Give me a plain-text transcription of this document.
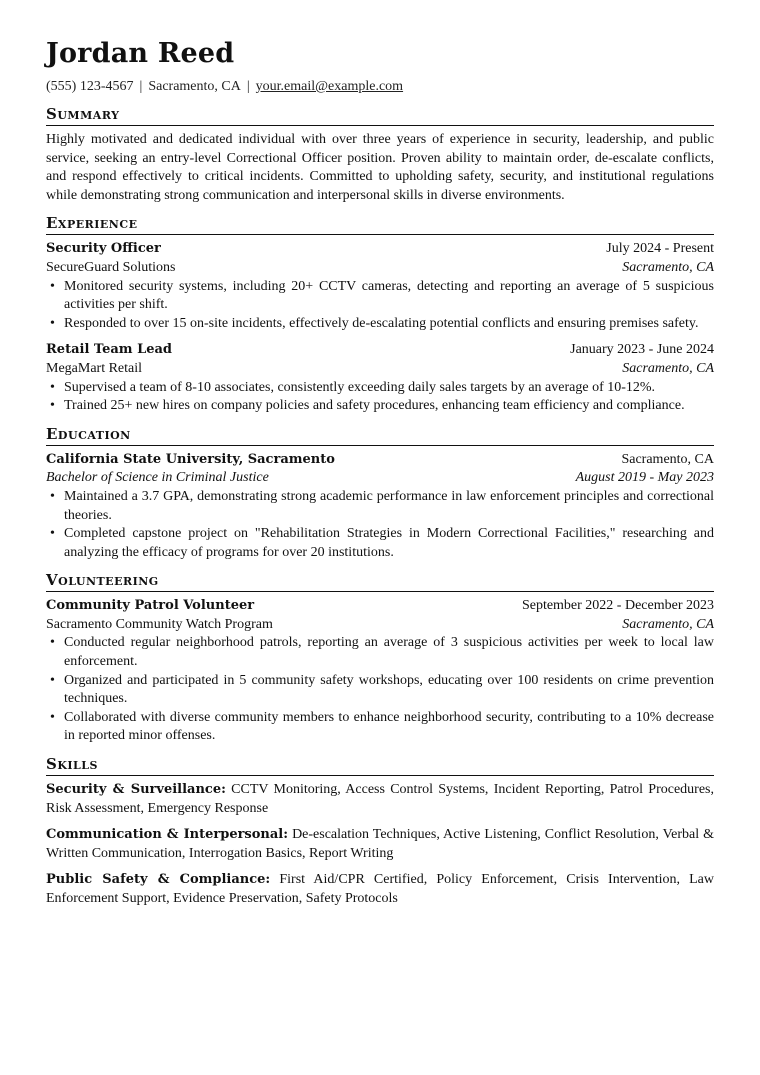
Jordan Reed
(555) 123-4567 | Sacramento, CA | your.email@example.com
Summary
Highly motivated and dedicated individual with over three years of experience in security, leadership, and public service, seeking an entry-level Correctional Officer position. Proven ability to maintain order, de-escalate conflicts, and respond effectively to critical incidents. Committed to upholding safety, security, and institutional regulations while demonstrating strong communication and interpersonal skills in diverse environments.
Experience
Security Officer	July 2024 - Present
SecureGuard Solutions	Sacramento, CA
• Monitored security systems, including 20+ CCTV cameras, detecting and reporting an average of 5 suspicious activities per shift.
• Responded to over 15 on-site incidents, effectively de-escalating potential conflicts and ensuring premises safety.
Retail Team Lead	January 2023 - June 2024
MegaMart Retail	Sacramento, CA
• Supervised a team of 8-10 associates, consistently exceeding daily sales targets by an average of 10-12%.
• Trained 25+ new hires on company policies and safety procedures, enhancing team efficiency and compliance.
Education
California State University, Sacramento	Sacramento, CA
Bachelor of Science in Criminal Justice	August 2019 - May 2023
• Maintained a 3.7 GPA, demonstrating strong academic performance in law enforcement principles and correctional theories.
• Completed capstone project on "Rehabilitation Strategies in Modern Correctional Facilities," researching and analyzing the efficacy of programs for over 20 institutions.
Volunteering
Community Patrol Volunteer	September 2022 - December 2023
Sacramento Community Watch Program	Sacramento, CA
• Conducted regular neighborhood patrols, reporting an average of 3 suspicious activities per week to local law enforcement.
• Organized and participated in 5 community safety workshops, educating over 100 residents on crime prevention techniques.
• Collaborated with diverse community members to enhance neighborhood security, contributing to a 10% decrease in reported minor offenses.
Skills
Security & Surveillance: CCTV Monitoring, Access Control Systems, Incident Reporting, Patrol Procedures, Risk Assessment, Emergency Response
Communication & Interpersonal: De-escalation Techniques, Active Listening, Conflict Resolution, Verbal & Written Communication, Interrogation Basics, Report Writing
Public Safety & Compliance: First Aid/CPR Certified, Policy Enforcement, Crisis Intervention, Law Enforcement Support, Evidence Preservation, Safety Protocols
